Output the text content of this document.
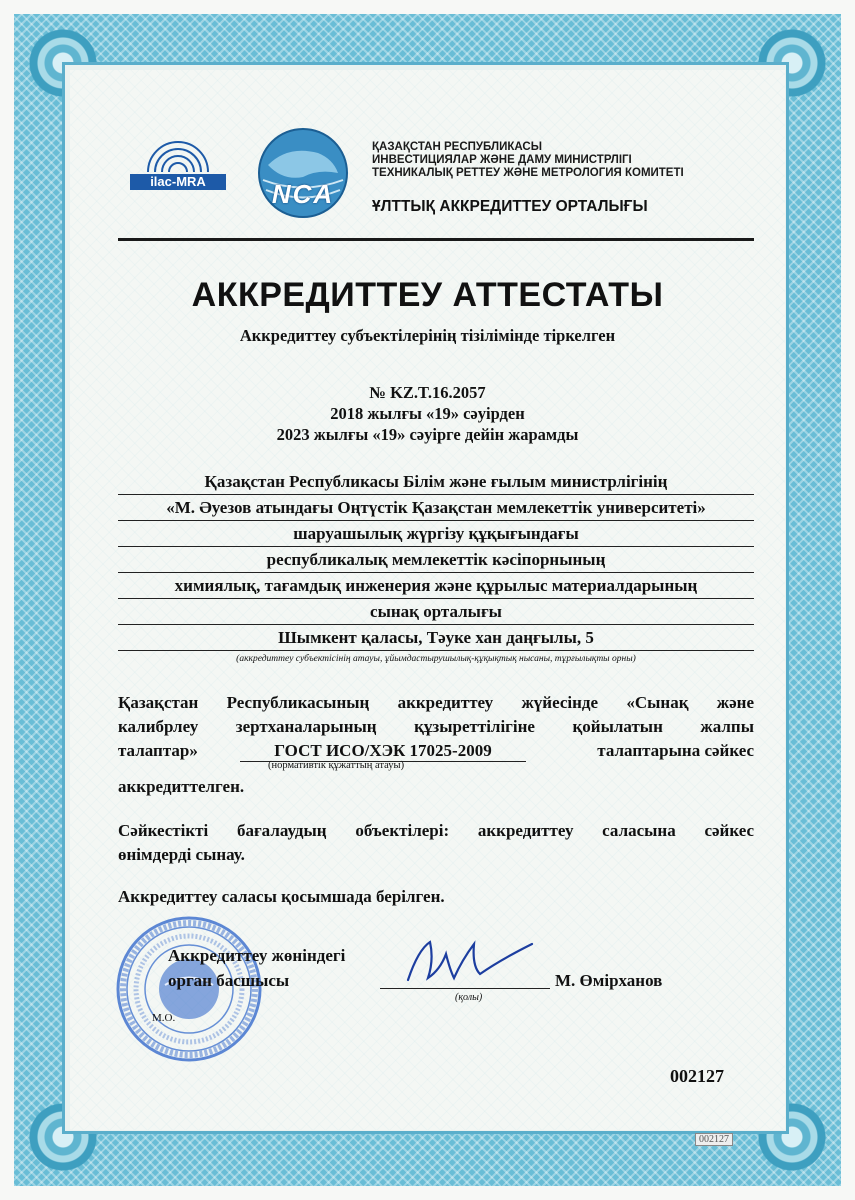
ilac-MRA	NCA
ҚАЗАҚСТАН РЕСПУБЛИКАСЫ
ИНВЕСТИЦИЯЛАР ЖӘНЕ ДАМУ МИНИСТРЛІГІ
ТЕХНИКАЛЫҚ РЕТТЕУ ЖӘНЕ МЕТРОЛОГИЯ КОМИТЕТІ
ҰЛТТЫҚ АККРЕДИТТЕУ ОРТАЛЫҒЫ
АККРЕДИТТЕУ АТТЕСТАТЫ
Аккредиттеу субъектілерінің тізілімінде тіркелген
№ KZ.T.16.2057
2018 жылғы «19» сәуірден
2023 жылғы «19» сәуірге дейін жарамды
Қазақстан Республикасы Білім және ғылым министрлігінің
«М. Әуезов атындағы Оңтүстік Қазақстан мемлекеттік университеті»
шаруашылық жүргізу құқығындағы
республикалық мемлекеттік кәсіпорнының
химиялық, тағамдық инженерия және құрылыс материалдарының
сынақ орталығы
Шымкент қаласы, Тәуке хан даңғылы, 5
(аккредиттеу субъектісінің атауы, ұйымдастырушылық-құқықтық нысаны, тұрғылықты орны)
Қазақстан Республикасының аккредиттеу жүйесінде «Сынақ және
калибрлеу зертханаларының құзыреттілігіне қойылатын жалпы
талаптар»	ГОСТ ИСО/ХЭК 17025-2009	талаптарына сәйкес
(нормативтік құжаттың атауы)
аккредиттелген.
Сәйкестікті бағалаудың объектілері: аккредиттеу саласына сәйкес
өнімдерді сынау.
Аккредиттеу саласы қосымшада берілген.
Аккредиттеу жөніндегі
орган басшысы	М. Өмірханов
(қолы)
М.О.
002127
002127
